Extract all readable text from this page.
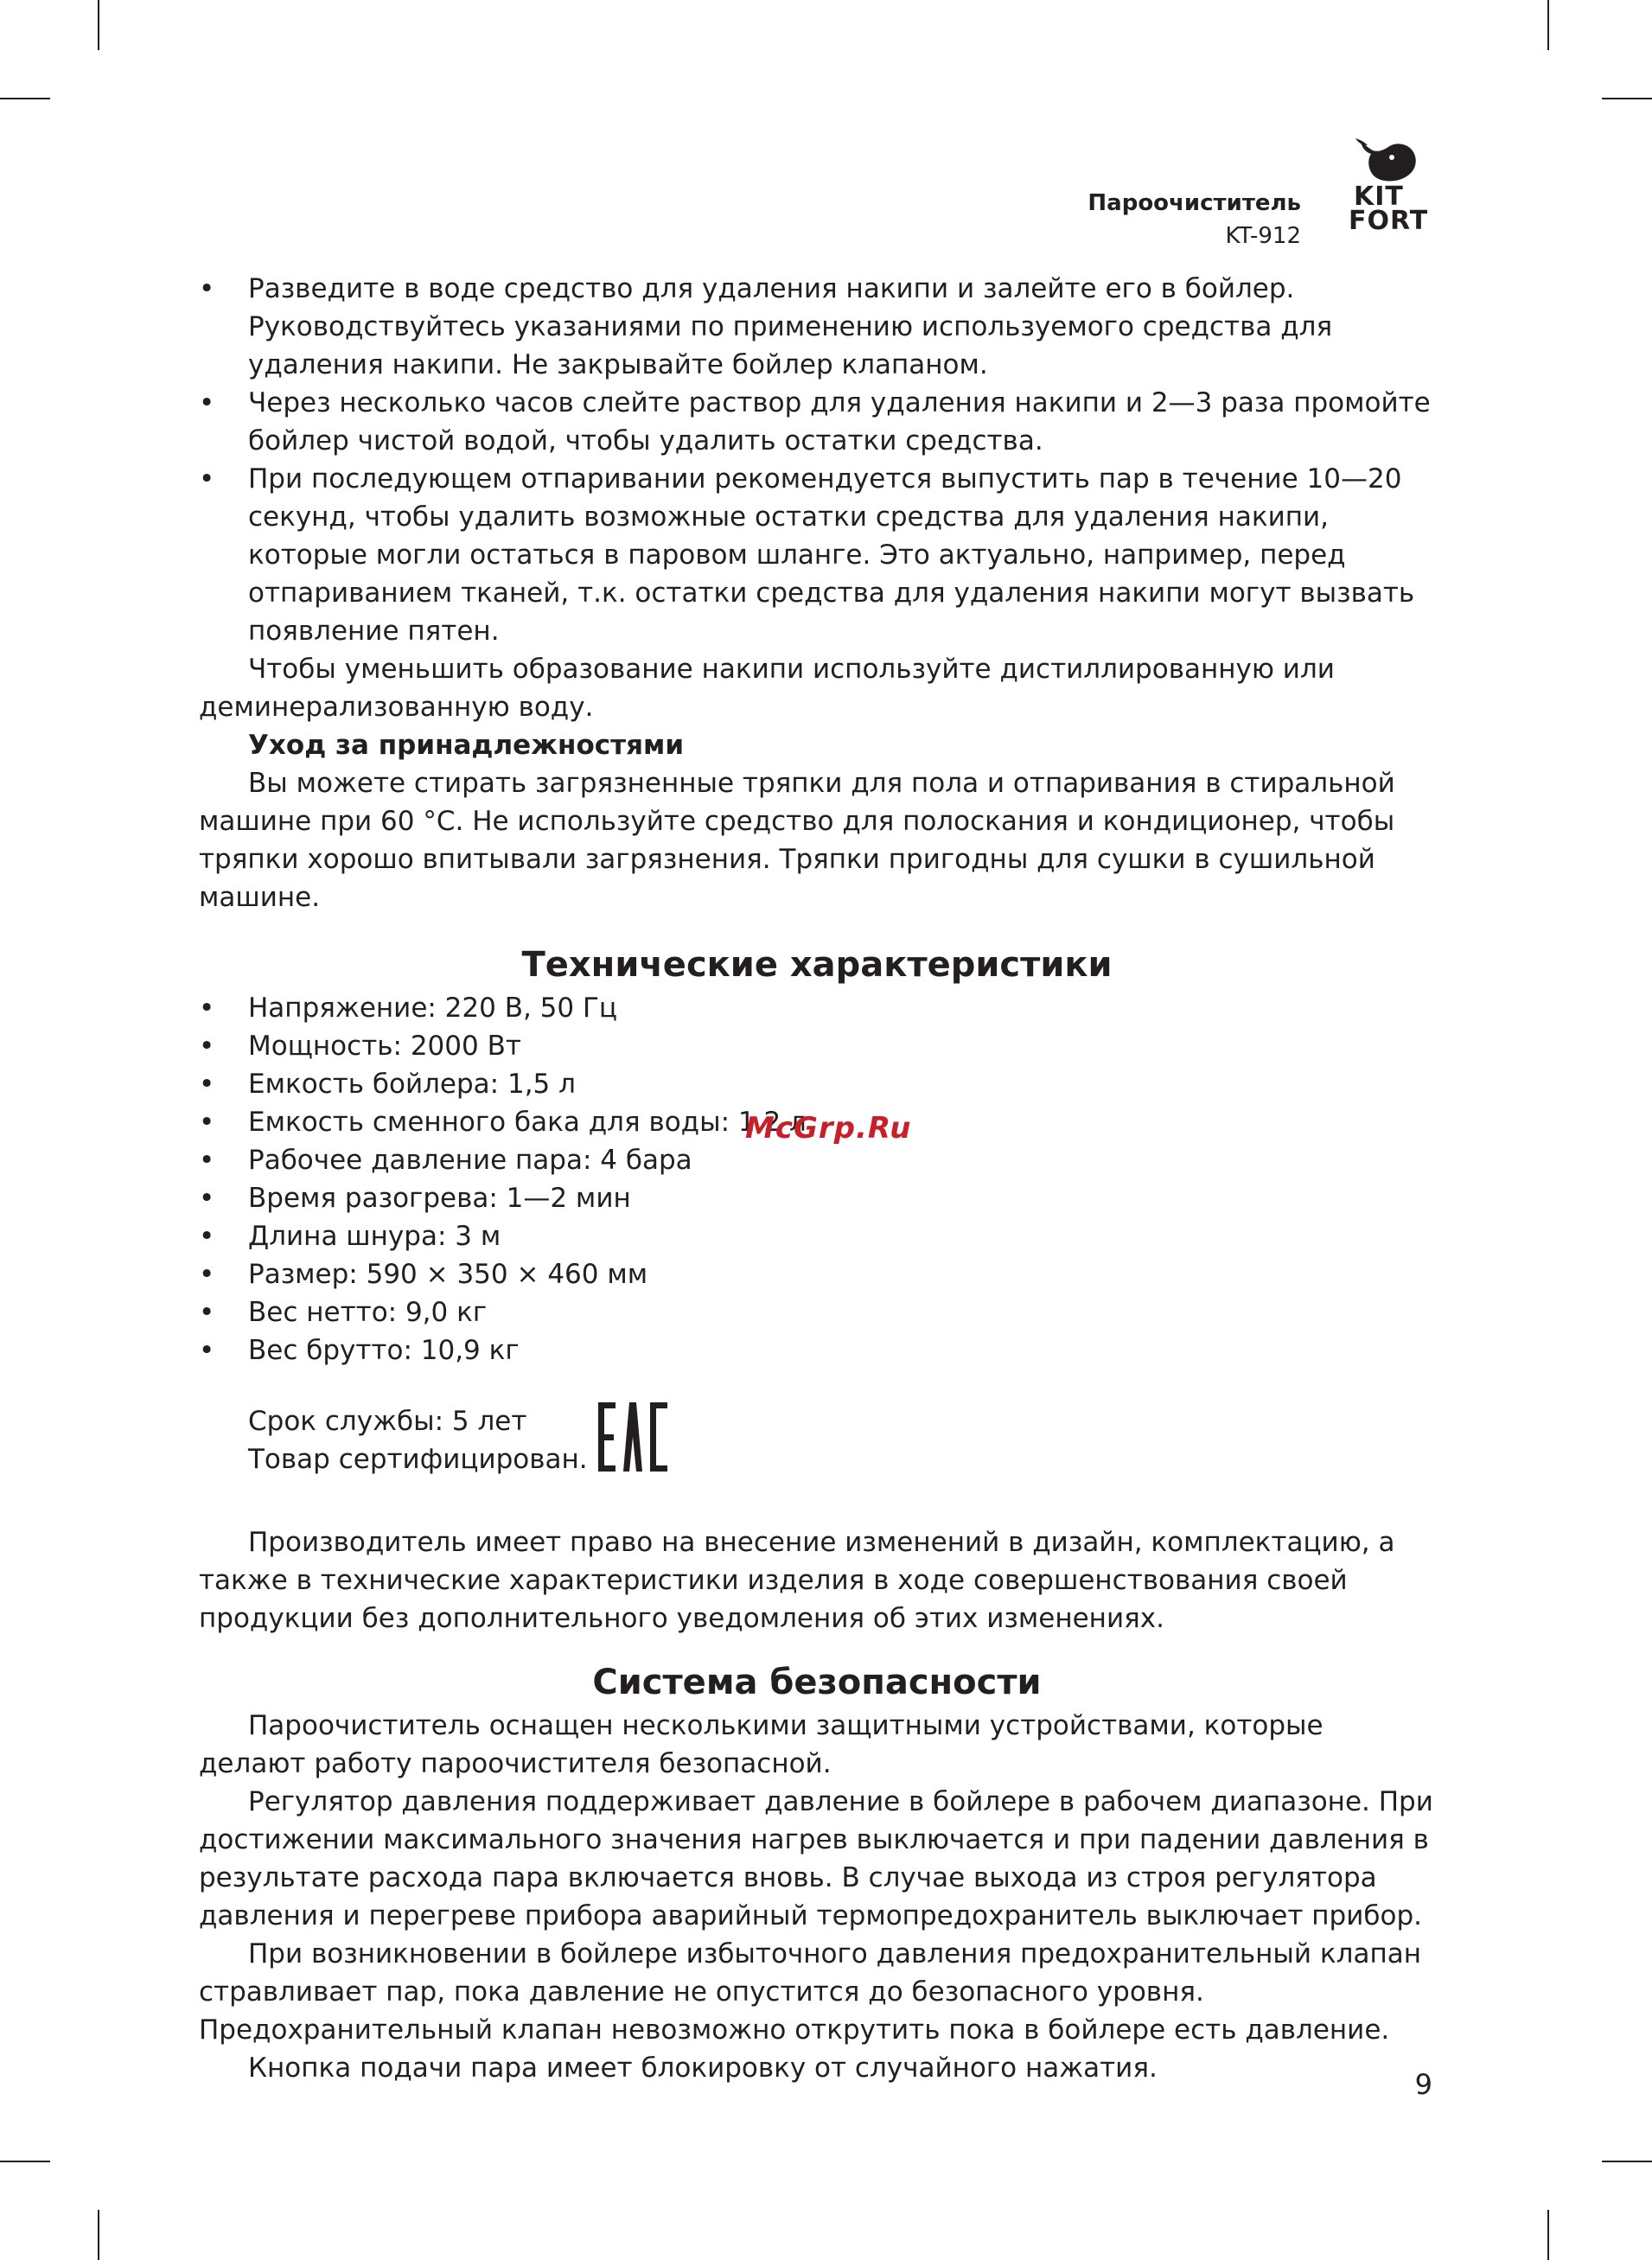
Пароочиститель
KT-912
KIT
FORT
• Разведите в воде средство для удаления накипи и залейте его в бойлер. Руководствуйтесь указаниями по применению используемого средства для удаления накипи. Не закрывайте бойлер клапаном.
• Через несколько часов слейте раствор для удаления накипи и 2—3 раза промойте бойлер чистой водой, чтобы удалить остатки средства.
• При последующем отпаривании рекомендуется выпустить пар в течение 10—20 секунд, чтобы удалить возможные остатки средства для удаления накипи, которые могли остаться в паровом шланге. Это актуально, например, перед отпариванием тканей, т.к. остатки средства для удаления накипи могут вызвать появление пятен.

Чтобы уменьшить образование накипи используйте дистиллированную или деминерализованную воду.

Уход за принадлежностями

Вы можете стирать загрязненные тряпки для пола и отпаривания в стиральной машине при 60 °C. Не используйте средство для полоскания и кондиционер, чтобы тряпки хорошо впитывали загрязнения. Тряпки пригодны для сушки в сушильной машине.

Технические характеристики

• Напряжение: 220 В, 50 Гц
• Мощность: 2000 Вт
• Емкость бойлера: 1,5 л
• Емкость сменного бака для воды: 1,2 л
• Рабочее давление пара: 4 бара
• Время разогрева: 1—2 мин
• Длина шнура: 3 м
• Размер: 590 × 350 × 460 мм
• Вес нетто: 9,0 кг
• Вес брутто: 10,9 кг

Срок службы: 5 лет

Товар сертифицирован.

Производитель имеет право на внесение изменений в дизайн, комплектацию, а также в технические характеристики изделия в ходе совершенствования своей продукции без дополнительного уведомления об этих изменениях.

Система безопасности

Пароочиститель оснащен несколькими защитными устройствами, которые делают работу пароочистителя безопасной.

Регулятор давления поддерживает давление в бойлере в рабочем диапазоне. При достижении максимального значения нагрев выключается и при падении давления в результате расхода пара включается вновь. В случае выхода из строя регулятора давления и перегреве прибора аварийный термопредохранитель выключает прибор.

При возникновении в бойлере избыточного давления предохранительный клапан стравливает пар, пока давление не опустится до безопасного уровня. Предохранительный клапан невозможно открутить пока в бойлере есть давление.

Кнопка подачи пара имеет блокировку от случайного нажатия.

McGrp.Ru
9
